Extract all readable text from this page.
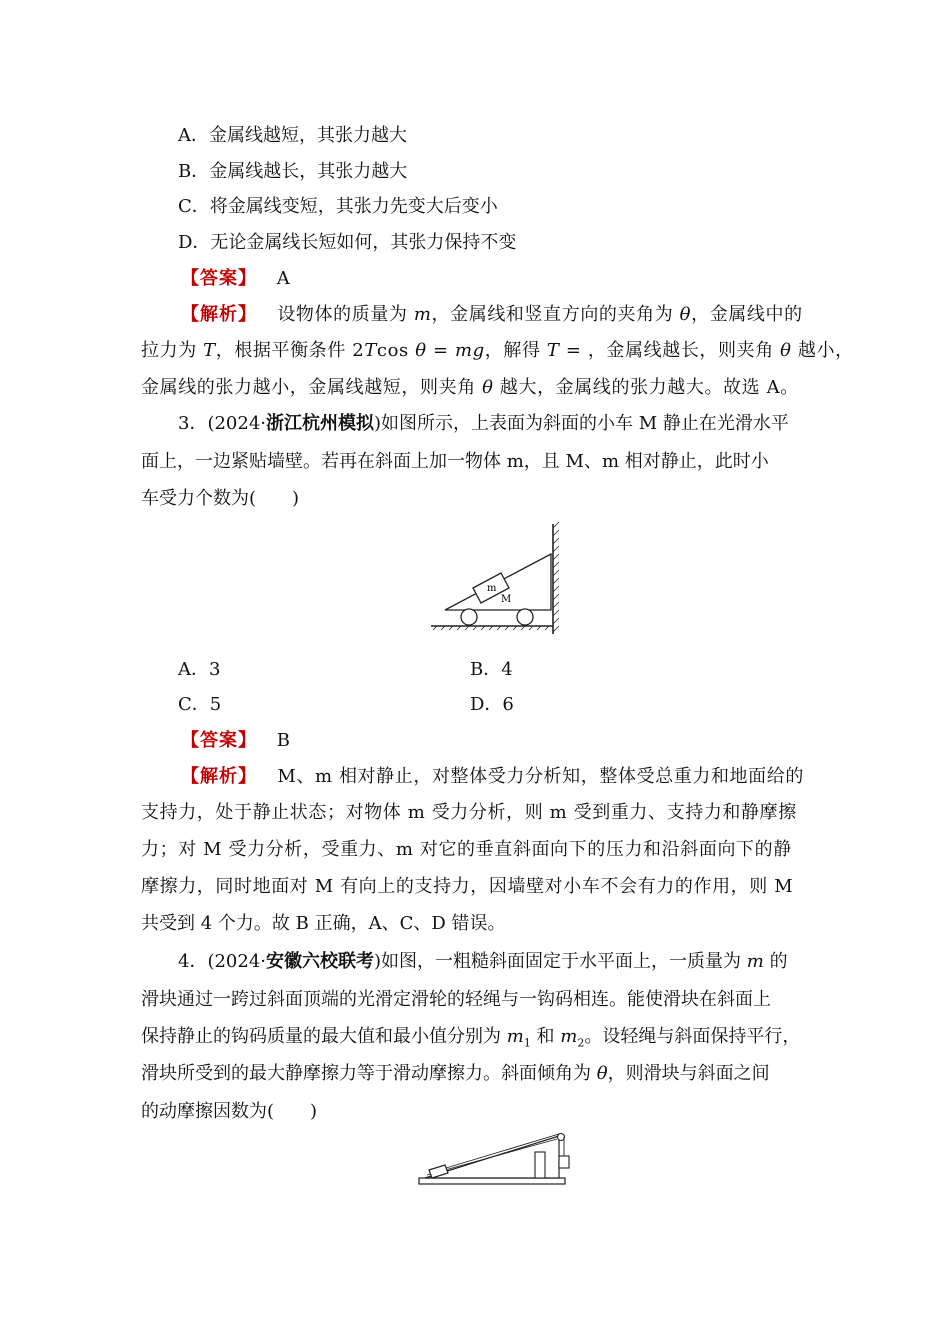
A．金属线越短，其张力越大
B．金属线越长，其张力越大
C．将金属线变短，其张力先变大后变小
D．无论金属线长短如何，其张力保持不变
【答案】 A
【解析】 设物体的质量为 m，金属线和竖直方向的夹角为 θ，金属线中的
拉力为 T，根据平衡条件 2Tcos θ = mg，解得 T = ，金属线越长，则夹角 θ 越小，
金属线的张力越小，金属线越短，则夹角 θ 越大，金属线的张力越大。故选 A。
3．(2024·浙江杭州模拟)如图所示，上表面为斜面的小车 M 静止在光滑水平
面上，一边紧贴墙壁。若再在斜面上加一物体 m，且 M、m 相对静止，此时小
车受力个数为(　　)
m
M
A．3	B．4
C．5	D．6
【答案】 B
【解析】 M、m 相对静止，对整体受力分析知，整体受总重力和地面给的
支持力，处于静止状态；对物体 m 受力分析，则 m 受到重力、支持力和静摩擦
力；对 M 受力分析，受重力、m 对它的垂直斜面向下的压力和沿斜面向下的静
摩擦力，同时地面对 M 有向上的支持力，因墙壁对小车不会有力的作用，则 M
共受到 4 个力。故 B 正确，A、C、D 错误。
4．(2024·安徽六校联考)如图，一粗糙斜面固定于水平面上，一质量为 m 的
滑块通过一跨过斜面顶端的光滑定滑轮的轻绳与一钩码相连。能使滑块在斜面上
保持静止的钩码质量的最大值和最小值分别为 $m_1$ 和 $m_2$。设轻绳与斜面保持平行，
滑块所受到的最大静摩擦力等于滑动摩擦力。斜面倾角为 θ，则滑块与斜面之间
的动摩擦因数为(　　)
